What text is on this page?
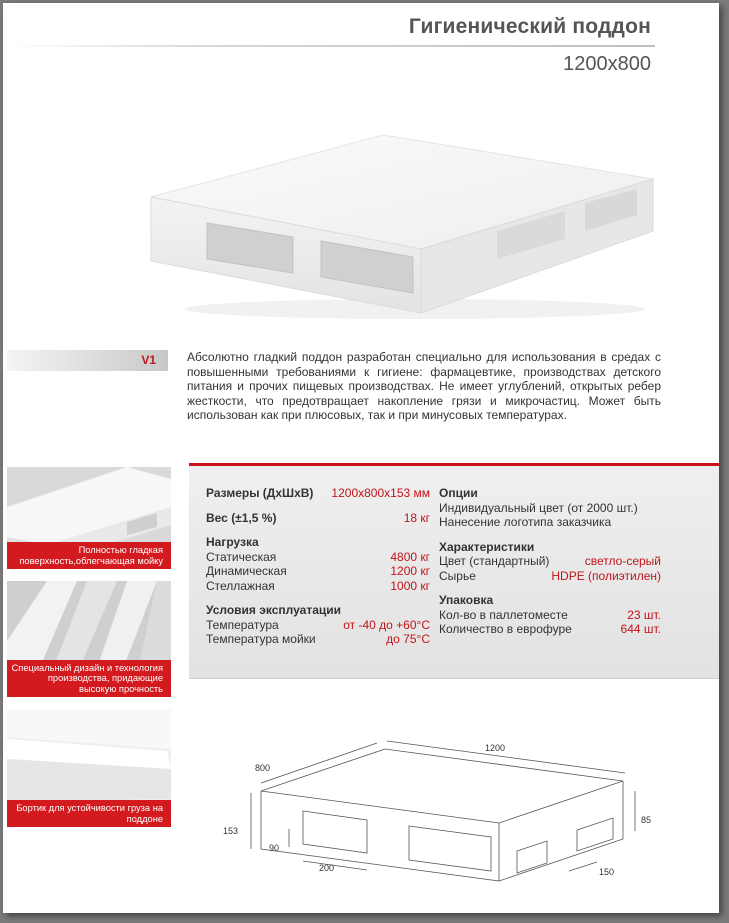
Гигиенический поддон
1200x800
V1	Абсолютно гладкий поддон разработан специально для использования в средах с повышенными требованиями к гигиене: фармацевтике, производствах детского питания и прочих пищевых производствах. Не имеет углублений, открытых ребер жесткости, что предотвращает накопление грязи и микрочастиц. Может быть использован как при плюсовых, так и при минусовых температурах.
Размеры (ДхШхВ) 1200x800x153 мм
Вес (±1,5 %)	18 кг
Нагрузка
Статическая	4800 кг
Динамическая	1200 кг
Стеллажная	1000 кг
Условия эксплуатации
Температура	от -40 до +60°C
Температура мойки	до 75°C
Опции
Индивидуальный цвет (от 2000 шт.)
Нанесение логотипа заказчика
Характеристики
Цвет (стандартный)	светло-серый
Сырье	HDPE (полиэтилен)
Упаковка
Кол-во в паллетоместе	23 шт.
Количество в еврофуре	644 шт.
Полностью гладкая поверхность,облегчающая мойку
Специальный дизайн и технология производства, придающие высокую прочность
Бортик для устойчивости груза на поддоне
1200
800
153
85
200
90
150
